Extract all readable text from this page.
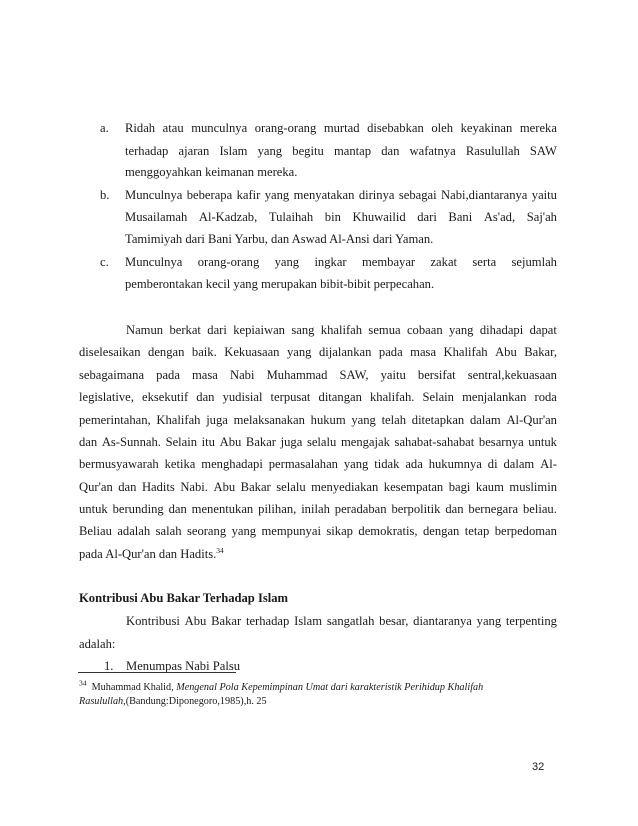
a. Ridah atau munculnya orang-orang murtad disebabkan oleh keyakinan mereka
terhadap ajaran Islam yang begitu mantap dan wafatnya Rasulullah SAW
menggoyahkan keimanan mereka.
b. Munculnya beberapa kafir yang menyatakan dirinya sebagai Nabi,diantaranya yaitu
Musailamah Al-Kadzab, Tulaihah bin Khuwailid dari Bani As'ad, Saj'ah
Tamimiyah dari Bani Yarbu, dan Aswad Al-Ansi dari Yaman.
c. Munculnya orang-orang yang ingkar membayar zakat serta sejumlah
pemberontakan kecil yang merupakan bibit-bibit perpecahan.
Namun berkat dari kepiaiwan sang khalifah semua cobaan yang dihadapi dapat
diselesaikan dengan baik. Kekuasaan yang dijalankan pada masa Khalifah Abu Bakar,
sebagaimana pada masa Nabi Muhammad SAW, yaitu bersifat sentral,kekuasaan
legislative, eksekutif dan yudisial terpusat ditangan khalifah. Selain menjalankan roda
pemerintahan, Khalifah juga melaksanakan hukum yang telah ditetapkan dalam Al-Qur'an
dan As-Sunnah. Selain itu Abu Bakar juga selalu mengajak sahabat-sahabat besarnya untuk
bermusyawarah ketika menghadapi permasalahan yang tidak ada hukumnya di dalam Al-
Qur'an dan Hadits Nabi. Abu Bakar selalu menyediakan kesempatan bagi kaum muslimin
untuk berunding dan menentukan pilihan, inilah peradaban berpolitik dan bernegara beliau.
Beliau adalah salah seorang yang mempunyai sikap demokratis, dengan tetap berpedoman
pada Al-Qur'an dan Hadits.$^{34}$
Kontribusi Abu Bakar Terhadap Islam
Kontribusi Abu Bakar terhadap Islam sangatlah besar, diantaranya yang terpenting
adalah:
1. Menumpas Nabi Palsu
$^{34}$ Muhammad Khalid, Mengenal Pola Kepemimpinan Umat dari karakteristik Perihidup Khalifah
Rasulullah,(Bandung:Diponegoro,1985),h. 25
32
